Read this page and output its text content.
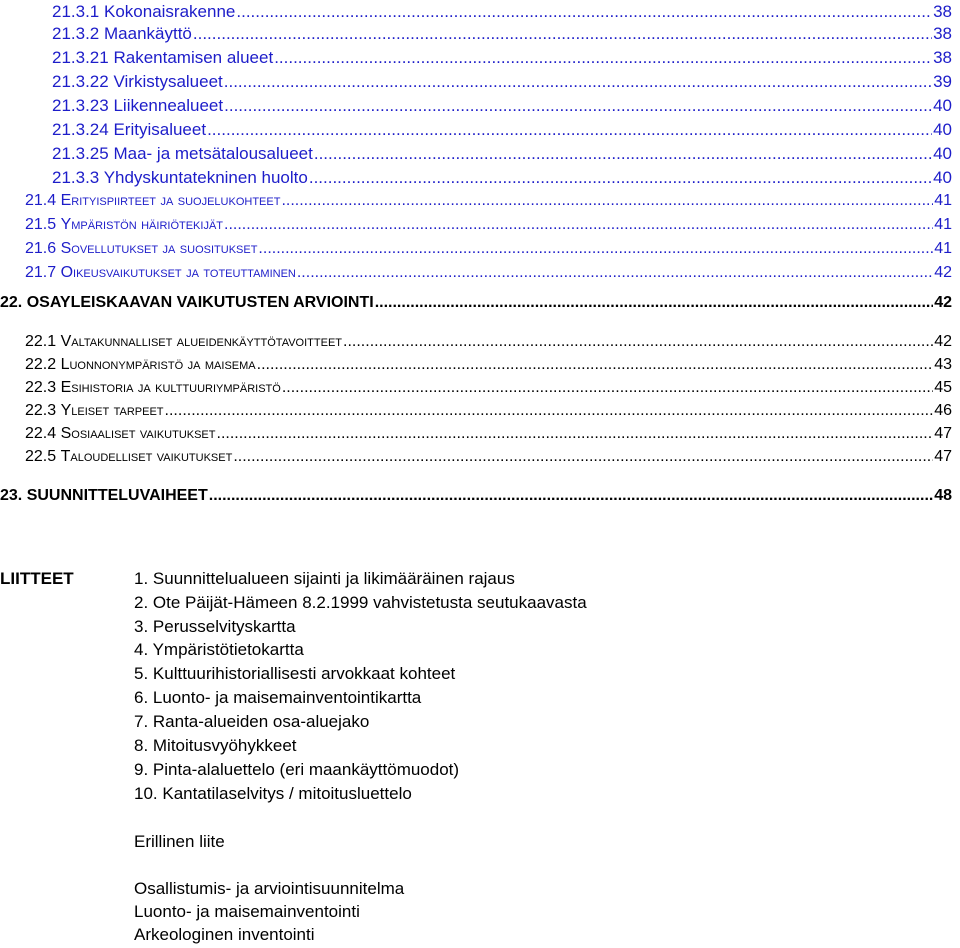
21.3.1 Kokonaisrakenne .....	38
21.3.2 Maankäyttö .....	38
21.3.21 Rakentamisen alueet .....	38
21.3.22 Virkistysalueet .....	39
21.3.23 Liikennealueet .....	40
21.3.24 Erityisalueet .....	40
21.3.25 Maa- ja metsätalousalueet .....	40
21.3.3 Yhdyskuntatekninen huolto .....	40
21.4 Erityispiirteet ja suojelukohteet .....	41
21.5 Ympäristön häiriötekijät .....	41
21.6 Sovellutukset ja suositukset .....	41
21.7 Oikeusvaikutukset ja toteuttaminen .....	42
22. OSAYLEISKAAVAN VAIKUTUSTEN ARVIOINTI .....	42
22.1 Valtakunnalliset alueidenkäyttötavoitteet .....	42
22.2 Luonnonympäristö ja maisema .....	43
22.3 Esihistoria ja kulttuuriympäristö .....	45
22.3 Yleiset tarpeet .....	46
22.4 Sosiaaliset vaikutukset .....	47
22.5 Taloudelliset vaikutukset .....	47
23. SUUNNITTELUVAIHEET .....	48
LIITTEET	1. Suunnittelualueen sijainti ja likimääräinen rajaus
2. Ote Päijät-Hämeen 8.2.1999 vahvistetusta seutukaavasta
3. Perusselvityskartta
4. Ympäristötietokartta
5. Kulttuurihistoriallisesti arvokkaat kohteet
6. Luonto- ja maisemainventointikartta
7. Ranta-alueiden osa-aluejako
8. Mitoitusvyöhykkeet
9. Pinta-alaluettelo (eri maankäyttömuodot)
10. Kantatilaselvitys / mitoitusluettelo
Erillinen liite
Osallistumis- ja arviointisuunnitelma
Luonto- ja maisemainventointi
Arkeologinen inventointi
